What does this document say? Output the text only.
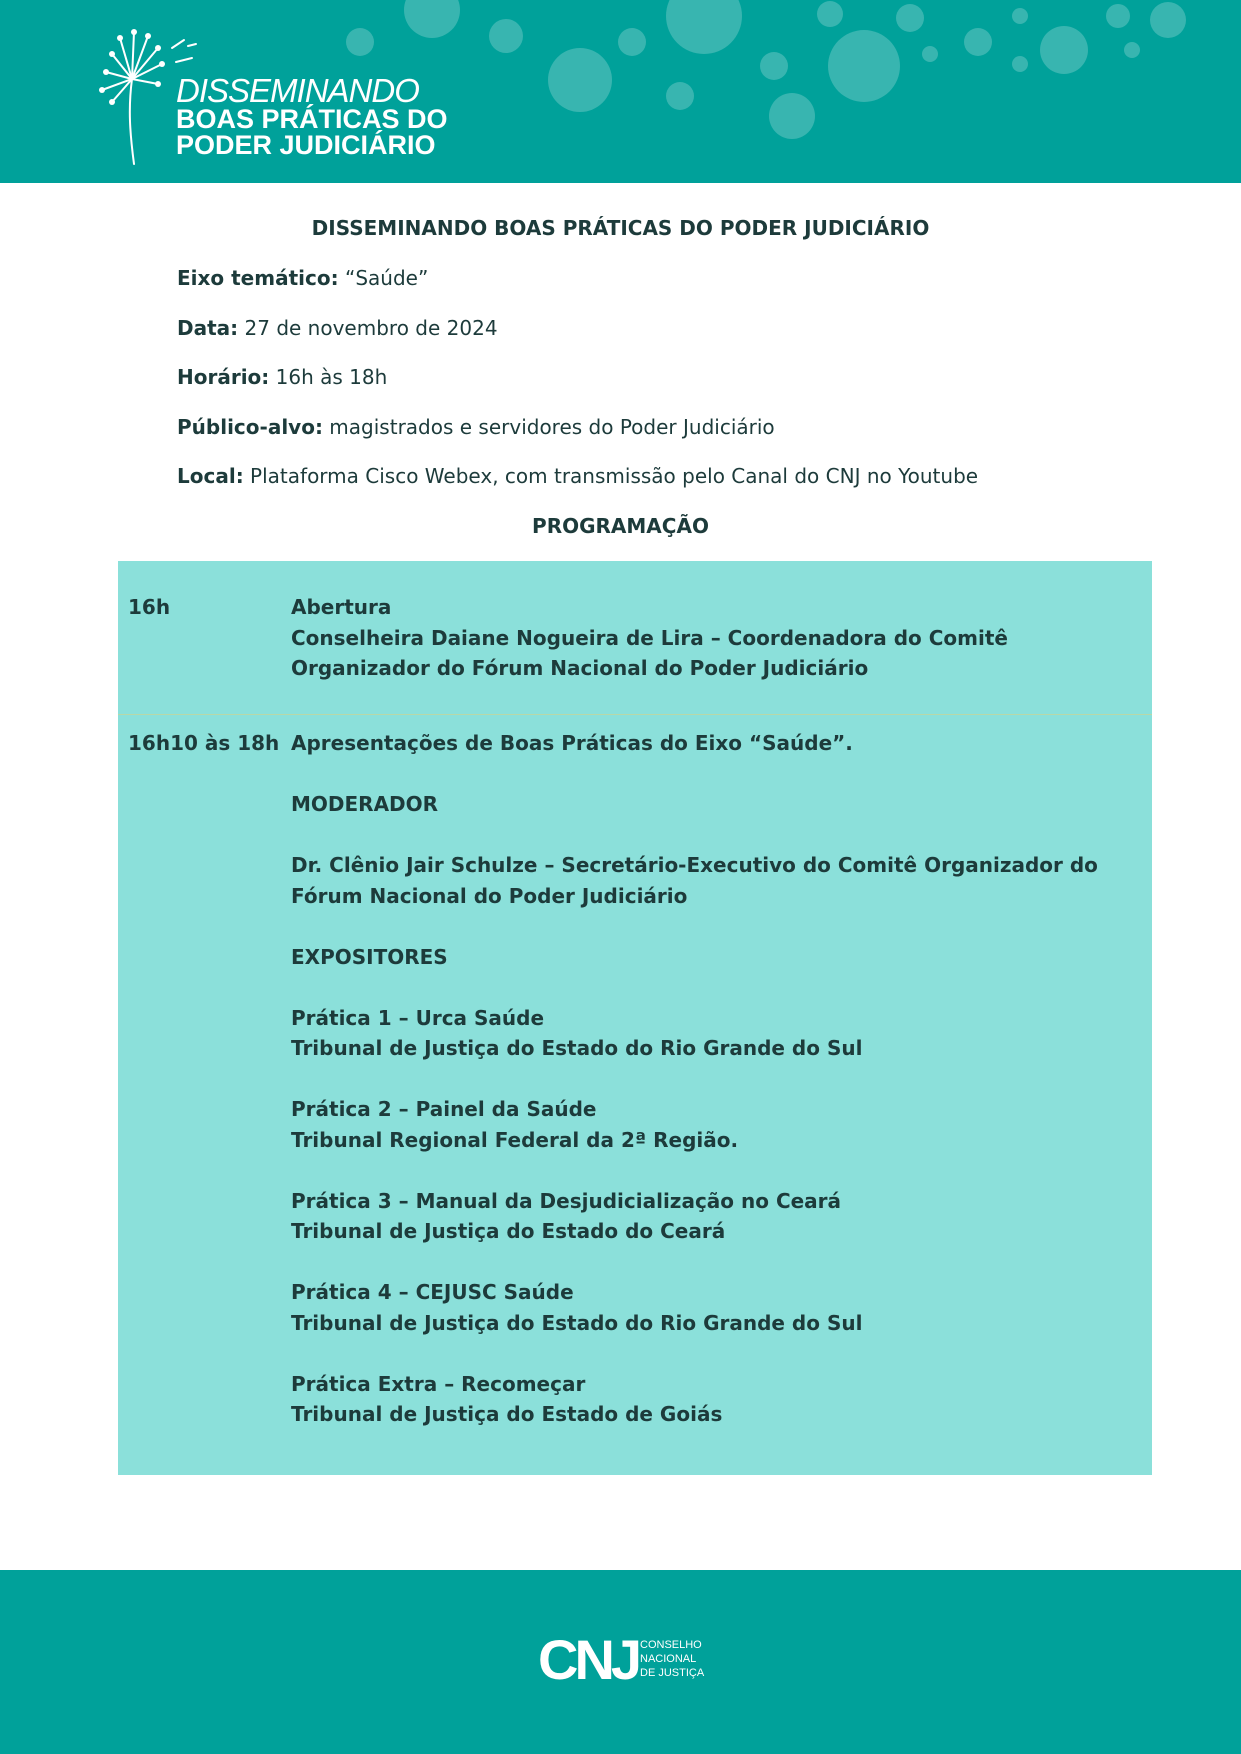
DISSEMINANDO
BOAS PRÁTICAS DO
PODER JUDICIÁRIO
DISSEMINANDO BOAS PRÁTICAS DO PODER JUDICIÁRIO
Eixo temático: “Saúde”
Data: 27 de novembro de 2024
Horário: 16h às 18h
Público-alvo: magistrados e servidores do Poder Judiciário
Local: Plataforma Cisco Webex, com transmissão pelo Canal do CNJ no Youtube
PROGRAMAÇÃO
16h	Abertura

Conselheira Daiane Nogueira de Lira – Coordenadora do Comitê Organizador do Fórum Nacional do Poder Judiciário

16h10 às 18h Apresentações de Boas Práticas do Eixo “Saúde”.

MODERADOR

Dr. Clênio Jair Schulze – Secretário-Executivo do Comitê Organizador do Fórum Nacional do Poder Judiciário

EXPOSITORES

Prática 1 – Urca Saúde

Tribunal de Justiça do Estado do Rio Grande do Sul

Prática 2 – Painel da Saúde

Tribunal Regional Federal da 2ª Região.

Prática 3 – Manual da Desjudicialização no Ceará

Tribunal de Justiça do Estado do Ceará

Prática 4 – CEJUSC Saúde

Tribunal de Justiça do Estado do Rio Grande do Sul

Prática Extra – Recomeçar

Tribunal de Justiça do Estado de Goiás

CNJ CONSELHO
NACIONAL
DE JUSTIÇA
